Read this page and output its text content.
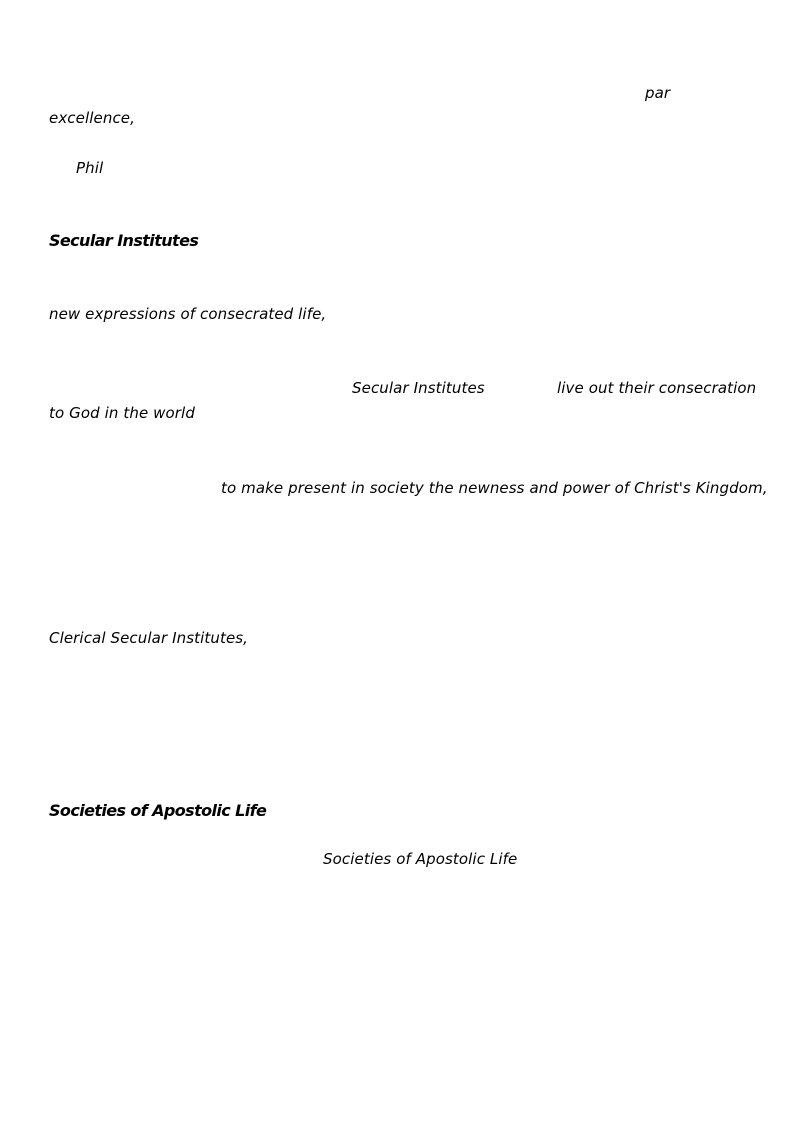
par
excellence,
Phil
Secular Institutes
new expressions of consecrated life,
Secular Institutes	live out their consecration
to God in the world
to make present in society the newness and power of Christ's Kingdom,
Clerical Secular Institutes,
Societies of Apostolic Life
Societies of Apostolic Life
